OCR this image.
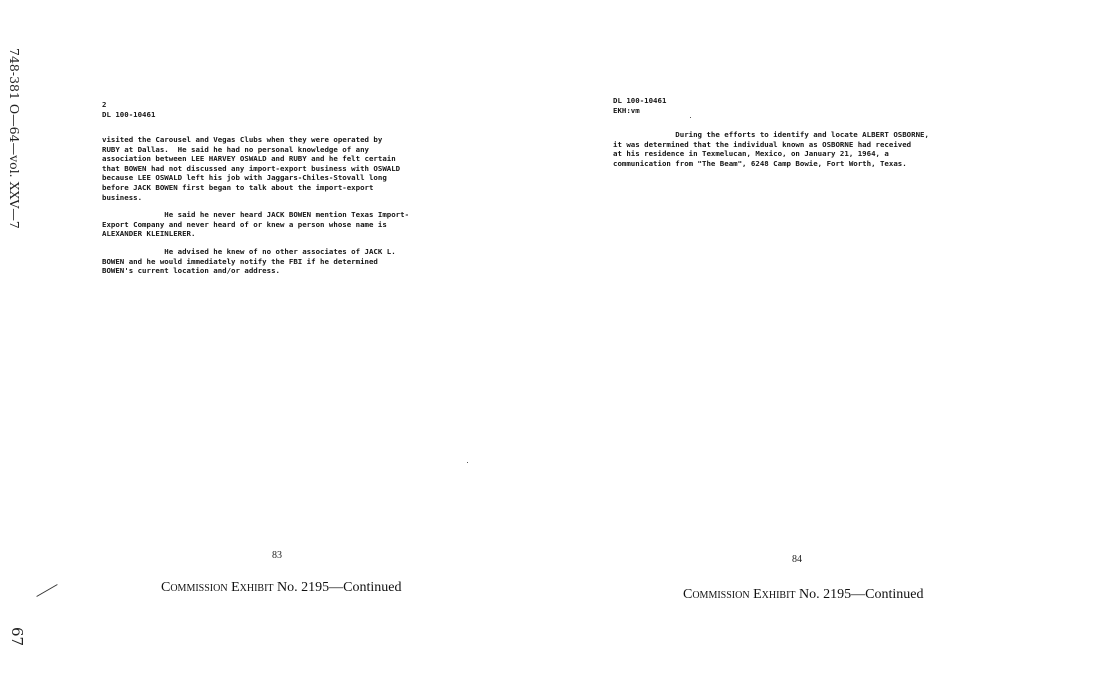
748-381 O—64—vol. XXV—7
67
2
DL 100-10461

visited the Carousel and Vegas Clubs when they were operated by
RUBY at Dallas.  He said he had no personal knowledge of any
association between LEE HARVEY OSWALD and RUBY and he felt certain
that BOWEN had not discussed any import-export business with OSWALD
because LEE OSWALD left his job with Jaggars-Chiles-Stovall long
before JACK BOWEN first began to talk about the import-export
business.

He said he never heard JACK BOWEN mention Texas Import-
Export Company and never heard of or knew a person whose name is
ALEXANDER KLEINLERER.

He advised he knew of no other associates of JACK L.
BOWEN and he would immediately notify the FBI if he determined
BOWEN's current location and/or address.

83
Commission Exhibit No. 2195—Continued
DL 100-10461
EKH:vm

During the efforts to identify and locate ALBERT OSBORNE,
it was determined that the individual known as OSBORNE had received
at his residence in Texmelucan, Mexico, on January 21, 1964, a
communication from "The Beam", 6248 Camp Bowie, Fort Worth, Texas.

84
Commission Exhibit No. 2195—Continued
